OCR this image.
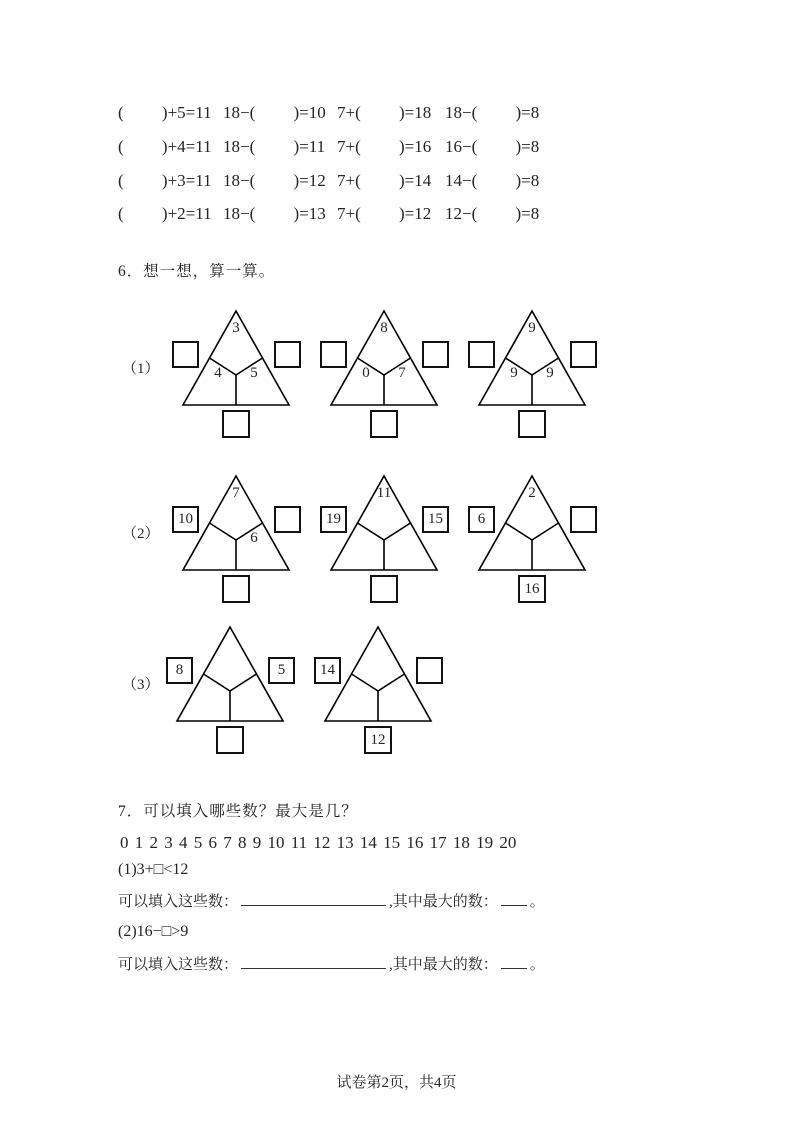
(         )+5=11 18−(         )=10 7+(         )=18 18−(         )=8
(         )+4=11 18−(         )=11 7+(         )=16 16−(         )=8
(         )+3=11 18−(         )=12 7+(         )=14 14−(         )=8
(         )+2=11 18−(         )=13 7+(         )=12 12−(         )=8
6．想一想，算一算。
（1）
3
4	5
8
0	7
9
9	9
（2）
7
6
10
11
19	15
2
6
16
（3）
8	5	14
12
7．可以填入哪些数？最大是几？
0 1 2 3 4 5 6 7 8 9 10 11 12 13 14 15 16 17 18 19 20
(1)3+□<12
可以填入这些数：	,其中最大的数： 。
(2)16−□>9
可以填入这些数：	,其中最大的数： 。
试卷第2页，共4页
